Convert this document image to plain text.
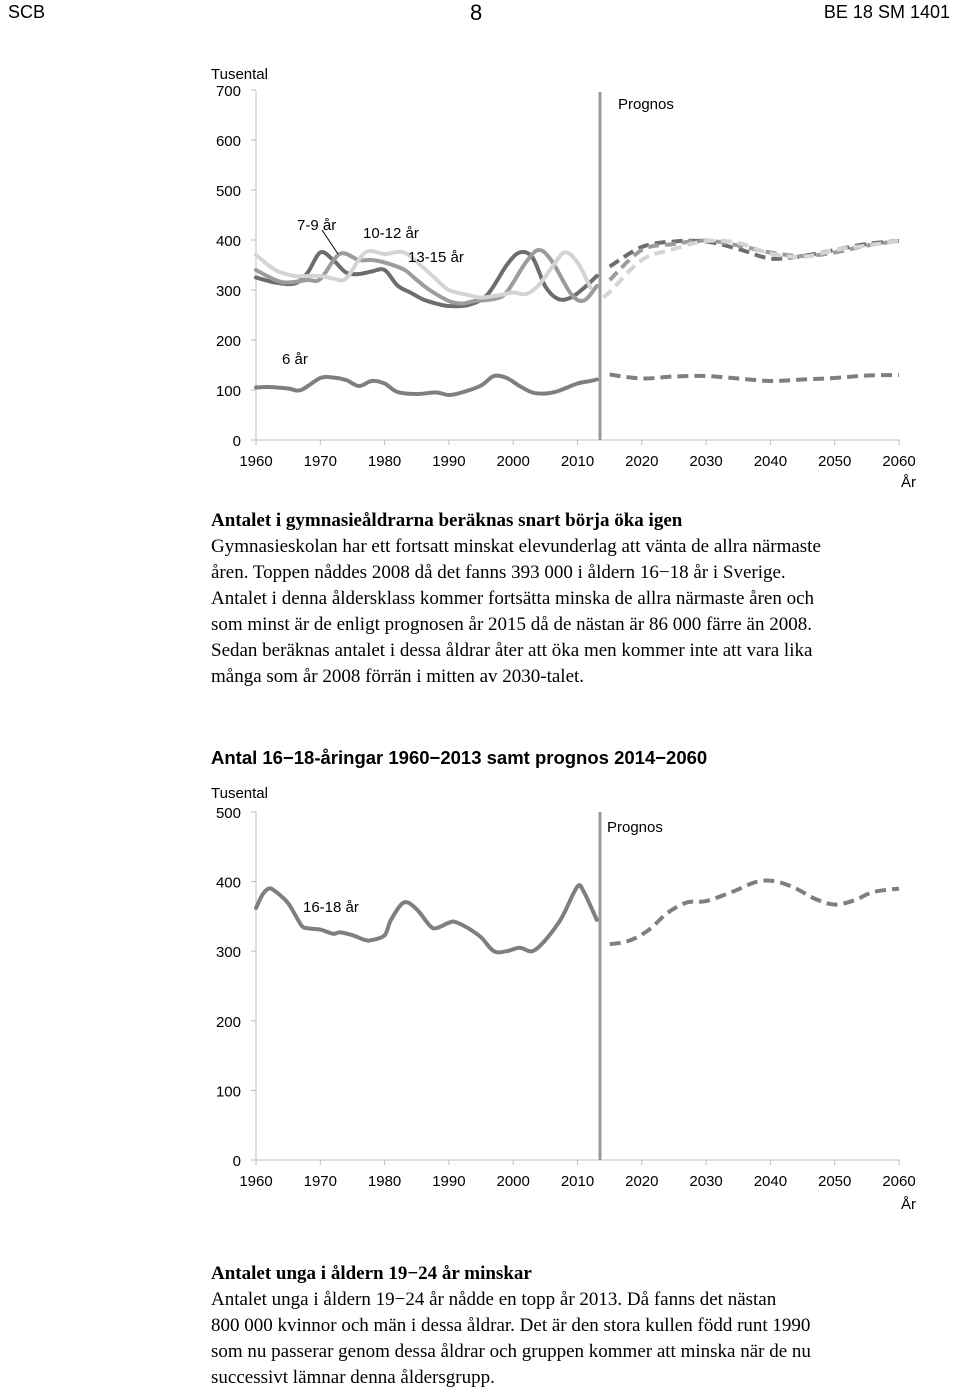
SCB	8	BE 18 SM 1401
Tusental
0
100
200
300
400
500
600
700
1960 1970 1980 1990 2000 2010 2020 2030 2040 2050 2060
Prognos
7-9 år 10-12 år
13-15 år
6 år
År
Antalet i gymnasieåldrarna beräknas snart börja öka igen
Gymnasieskolan har ett fortsatt minskat elevunderlag att vänta de allra närmaste
åren. Toppen nåddes 2008 då det fanns 393 000 i åldern 16−18 år i Sverige.
Antalet i denna åldersklass kommer fortsätta minska de allra närmaste åren och
som minst är de enligt prognosen år 2015 då de nästan är 86 000 färre än 2008.
Sedan beräknas antalet i dessa åldrar åter att öka men kommer inte att vara lika
många som år 2008 förrän i mitten av 2030-talet.
Antal 16−18-åringar 1960−2013 samt prognos 2014−2060
Tusental
0
100
200
300
400
500
1960 1970 1980 1990 2000 2010 2020 2030 2040 2050 2060
Prognos
16-18 år
År
Antalet unga i åldern 19−24 år minskar
Antalet unga i åldern 19−24 år nådde en topp år 2013. Då fanns det nästan
800 000 kvinnor och män i dessa åldrar. Det är den stora kullen född runt 1990
som nu passerar genom dessa åldrar och gruppen kommer att minska när de nu
successivt lämnar denna åldersgrupp.
